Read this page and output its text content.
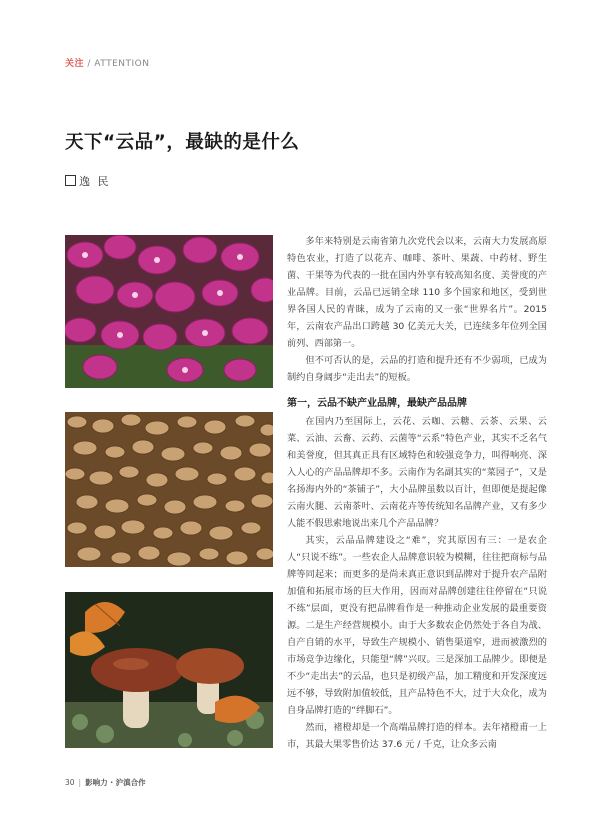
关注 / ATTENTION
天下“云品”，最缺的是什么
逸 民

多年来特别是云南省第九次党代会以来，云南大力发展高原特色农业，打造了以花卉、咖啡、茶叶、果蔬、中药材、野生菌、干果等为代表的一批在国内外享有较高知名度、美誉度的产业品牌。目前，云品已远销全球 110 多个国家和地区，受到世界各国人民的青睐，成为了云南的又一张“世界名片”。2015 年，云南农产品出口跨越 30 亿美元大关，已连续多年位列全国前列、西部第一。

但不可否认的是，云品的打造和提升还有不少弱项，已成为制约自身阔步“走出去”的短板。

第一，云品不缺产业品牌，最缺产品品牌

在国内乃至国际上，云花、云咖、云糖、云茶、云果、云菜、云油、云畜、云药、云菌等“云系”特色产业，其实不乏名气和美誉度，但其真正具有区域特色和较强竞争力，叫得响亮、深入人心的产品品牌却不多。云南作为名副其实的“菜园子”，又是名扬海内外的“茶铺子”，大小品牌虽数以百计，但即便是提起像云南火腿、云南茶叶、云南花卉等传统知名品牌产业，又有多少人能不假思索地说出来几个产品品牌？

其实，云品品牌建设之“难”，究其原因有三：一是农企人“只说不练”。一些农企人品牌意识较为模糊，往往把商标与品牌等同起来；而更多的是尚未真正意识到品牌对于提升农产品附加值和拓展市场的巨大作用，因而对品牌创建往往停留在“只说不练”层面，更没有把品牌看作是一种推动企业发展的最重要资源。二是生产经营规模小。由于大多数农企仍然处于各自为战、自产自销的水平，导致生产规模小、销售渠道窄，进而被激烈的市场竞争边缘化，只能望“牌”兴叹。三是深加工品牌少。即便是不少“走出去”的云品，也只是初级产品，加工精度和开发深度远远不够，导致附加值较低，且产品特色不大，过于大众化，成为自身品牌打造的“绊脚石”。

然而，褚橙却是一个高端品牌打造的样本。去年褚橙甫一上市，其最大果零售价达 37.6 元 / 千克，让众多云南

30 | 影响力 · 沪滇合作
